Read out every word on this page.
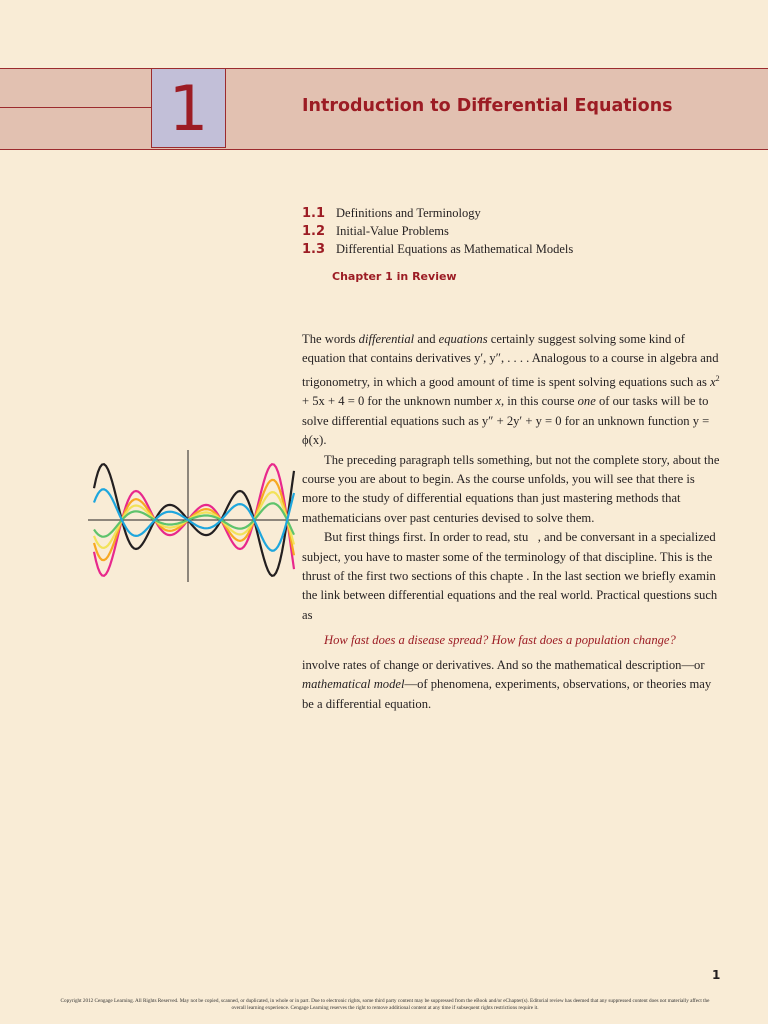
1	Introduction to Differential Equations
1.1 Definitions and Terminology
1.2 Initial-Value Problems
1.3 Differential Equations as Mathematical Models
Chapter 1 in Review

The words differential and equations certainly suggest solving some kind of equation that contains derivatives y′, y″, . . . . Analogous to a course in algebra and trigonometry, in which a good amount of time is spent solving equations such as $x^2 + 5x + 4 = 0$ for the unknown number x, in this course one of our tasks will be to solve differential equations such as y″ + 2y′ + y = 0 for an unknown function y = ϕ(x).

The preceding paragraph tells something, but not the complete story, about the course you are about to begin. As the course unfolds, you will see that there is more to the study of differential equations than just mastering methods that mathematicians over past centuries devised to solve them.

But first things first. In order to read, stu   , and be conversant in a specialized subject, you have to master some of the terminology of that discipline. This is the thrust of the first two sections of this chapte . In the last section we briefly examin the link between differential equations and the real world. Practical questions such as

How fast does a disease spread? How fast does a population change?

involve rates of change or derivatives. And so the mathematical description—or mathematical model—of phenomena, experiments, observations, or theories may be a differential equation.

1
Copyright 2012 Cengage Learning. All Rights Reserved. May not be copied, scanned, or duplicated, in whole or in part. Due to electronic rights, some third party content may be suppressed from the eBook and/or eChapter(s). Editorial review has deemed that any suppressed content does not materially affect the overall learning experience. Cengage Learning reserves the right to remove additional content at any time if subsequent rights restrictions require it.
